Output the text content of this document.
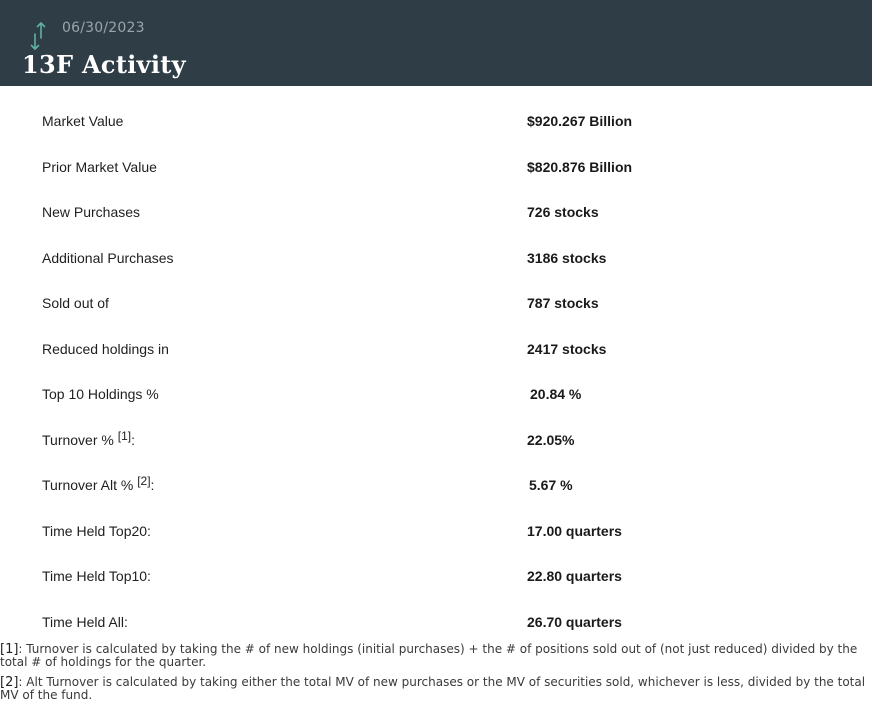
06/30/2023
13F Activity
Market Value	$920.267 Billion
Prior Market Value	$820.876 Billion
New Purchases	726 stocks
Additional Purchases	3186 stocks
Sold out of	787 stocks
Reduced holdings in	2417 stocks
Top 10 Holdings %	20.84 %
Turnover % [1]:	22.05%
Turnover Alt % [2]:	5.67 %
Time Held Top20:	17.00 quarters
Time Held Top10:	22.80 quarters
Time Held All:	26.70 quarters
[1]: Turnover is calculated by taking the # of new holdings (initial purchases) + the # of positions sold out of (not just reduced) divided by the total # of holdings for the quarter.
[2]: Alt Turnover is calculated by taking either the total MV of new purchases or the MV of securities sold, whichever is less, divided by the total MV of the fund.
